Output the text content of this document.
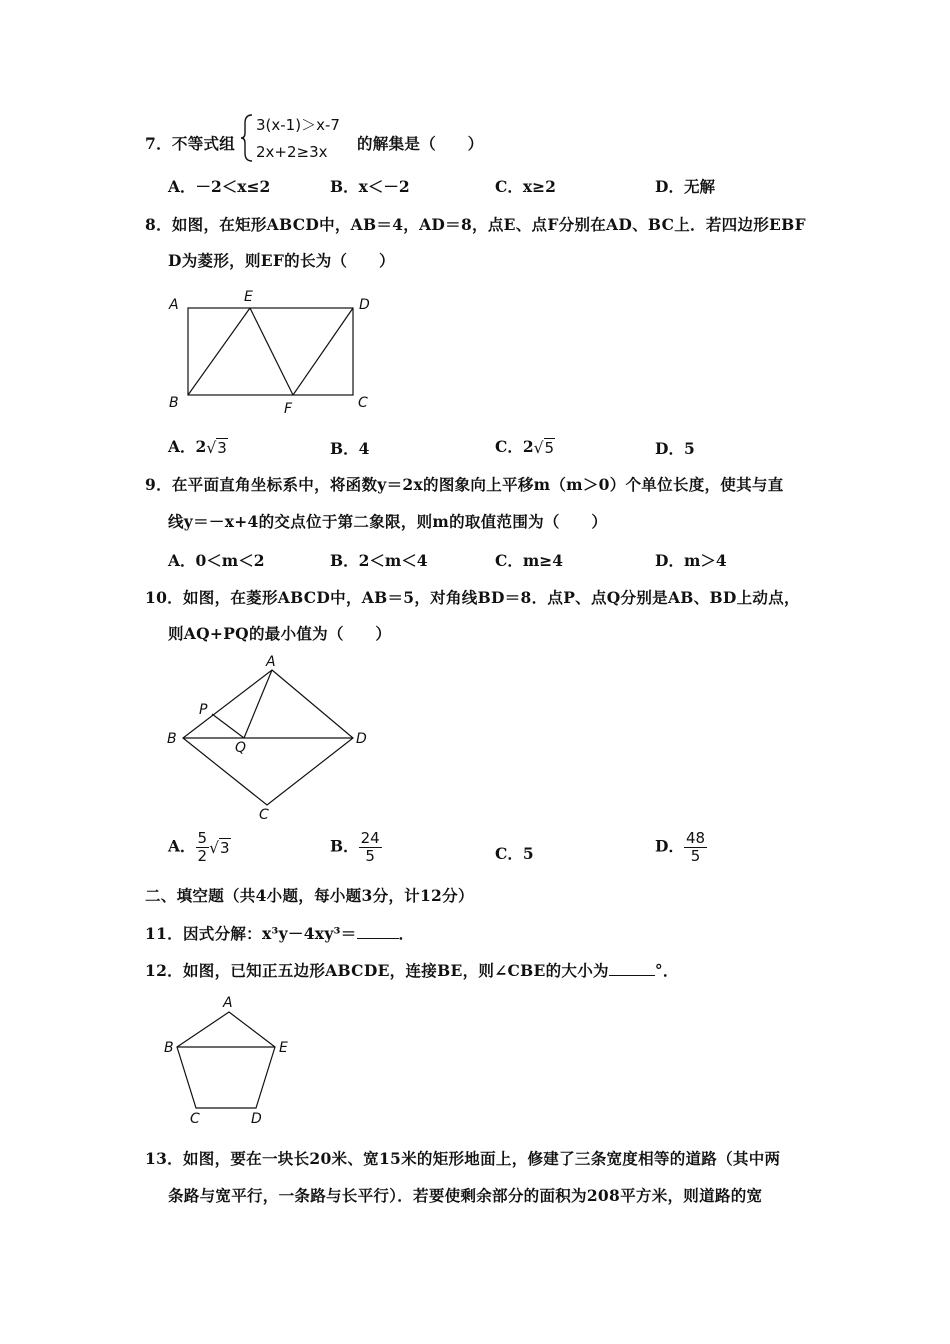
7．不等式组
3(x-1)＞x-7
2x+2≥3x 的解集是（　　）
A．－2＜x≤2	B．x＜－2	C．x≥2	D．无解
8．如图，在矩形ABCD中，AB＝4，AD＝8，点E、点F分别在AD、BC上．若四边形EBF
D为菱形，则EF的长为（　　）
A	E	D
B	F	C
A．2√3	B．4	C．2√5	D．5
9．在平面直角坐标系中，将函数y＝2x的图象向上平移m（m＞0）个单位长度，使其与直
线y＝－x+4的交点位于第二象限，则m的取值范围为（　　）
A．0＜m＜2	B．2＜m＜4	C．m≥4	D．m＞4
10．如图，在菱形ABCD中，AB＝5，对角线BD＝8．点P、点Q分别是AB、BD上动点，
则AQ+PQ的最小值为（　　）
A
P
B
Q
D
C
A． $\frac{5}{2} √3$	B． $\frac{24}{5}$	C．5	D． $\frac{48}{5}$
二、填空题（共4小题，每小题3分，计12分）
11．因式分解：x³y－4xy³＝	．
12．如图，已知正五边形ABCDE，连接BE，则∠CBE的大小为	°．
A
B	E
C	D
13．如图，要在一块长20米、宽15米的矩形地面上，修建了三条宽度相等的道路（其中两
条路与宽平行，一条路与长平行）．若要使剩余部分的面积为208平方米，则道路的宽
